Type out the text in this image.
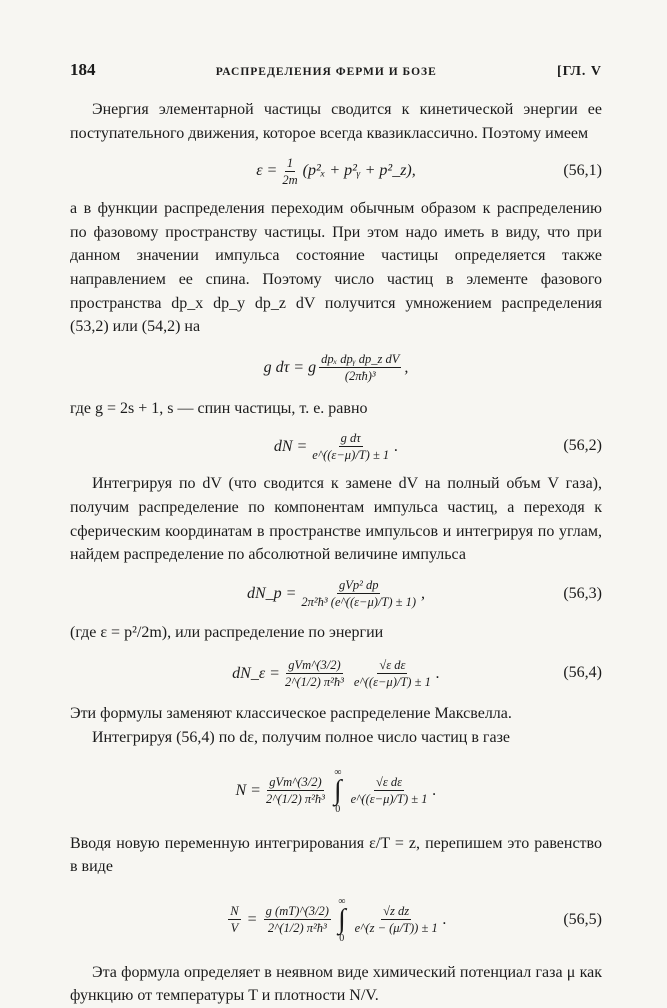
184	РАСПРЕДЕЛЕНИЯ ФЕРМИ И БОЗЕ	[ГЛ. V

Энергия элементарной частицы сводится к кинетической энергии ее поступательного движения, которое всегда квазиклассично. Поэтому имеем

$\varepsilon = \frac{1}{2m} (p^2_x$ + p²ᵧ + p²_z),	(56,1)

а в функции распределения переходим обычным образом к распределению по фазовому пространству частицы. При этом надо иметь в виду, что при данном значении импульса состояние частицы определяется также направлением ее спина. Поэтому число частиц в элементе фазового пространства dp_x dp_y dp_z dV получится умножением распределения (53,2) или (54,2) на

g dτ = g $\frac{\text{dpₓ dpᵧ dp\_z dV}}{\text{(2πħ)³}}$ ,

где g = 2s + 1, s — спин частицы, т. е. равно

dN = $\frac{\text{g dτ}}{e\^{}((\varepsilon-\mu)/T) \pm 1}$ .	(56,2)

Интегрируя по dV (что сводится к замене dV на полный объм V газа), получим распределение по компонентам импульса частиц, а переходя к сферическим координатам в пространстве импульсов и интегрируя по углам, найдем распределение по абсолютной величине импульса

dN_p = $\frac{\text{gVp² dp}}{\text{2π²ħ³ (e\textasciicircum{}((ε−μ)/T) ± 1)}}$ ,	(56,3)

(где ε = p²/2m), или распределение по энергии

dN_ε = $\frac{\text{gVm\textasciicircum{}(3/2)}}{\text{2\textasciicircum{}(1/2) π²ħ³}} \frac{\text{√ε dε}}{e\^{}((\varepsilon-\mu)/T) \pm 1}$ .	(56,4)

Эти формулы заменяют классическое распределение Максвелла.

Интегрируя (56,4) по dε, получим полное число частиц в газе

$N = \frac{\text{gVm\textasciicircum{}(3/2)}}{\text{2\textasciicircum{}(1/2) π²ħ³}}$
∞
∫
0
$\frac{\text{√ε dε}}{e\^{}((\varepsilon-\mu)/T) \pm 1}$ .

Вводя новую переменную интегрирования ε/T = z, перепишем это равенство в виде

$\frac{N}{V} = \frac{g (mT)\^{}(3/2)}{\text{2\textasciicircum{}(1/2) π²ħ³}}$
∞
∫
0
$\frac{\text{√z dz}}{e\^{}(z - (\mu/T)) \pm 1}$ .	(56,5)

Эта формула определяет в неявном виде химический потенциал газа μ как функцию от температуры T и плотности N/V.
